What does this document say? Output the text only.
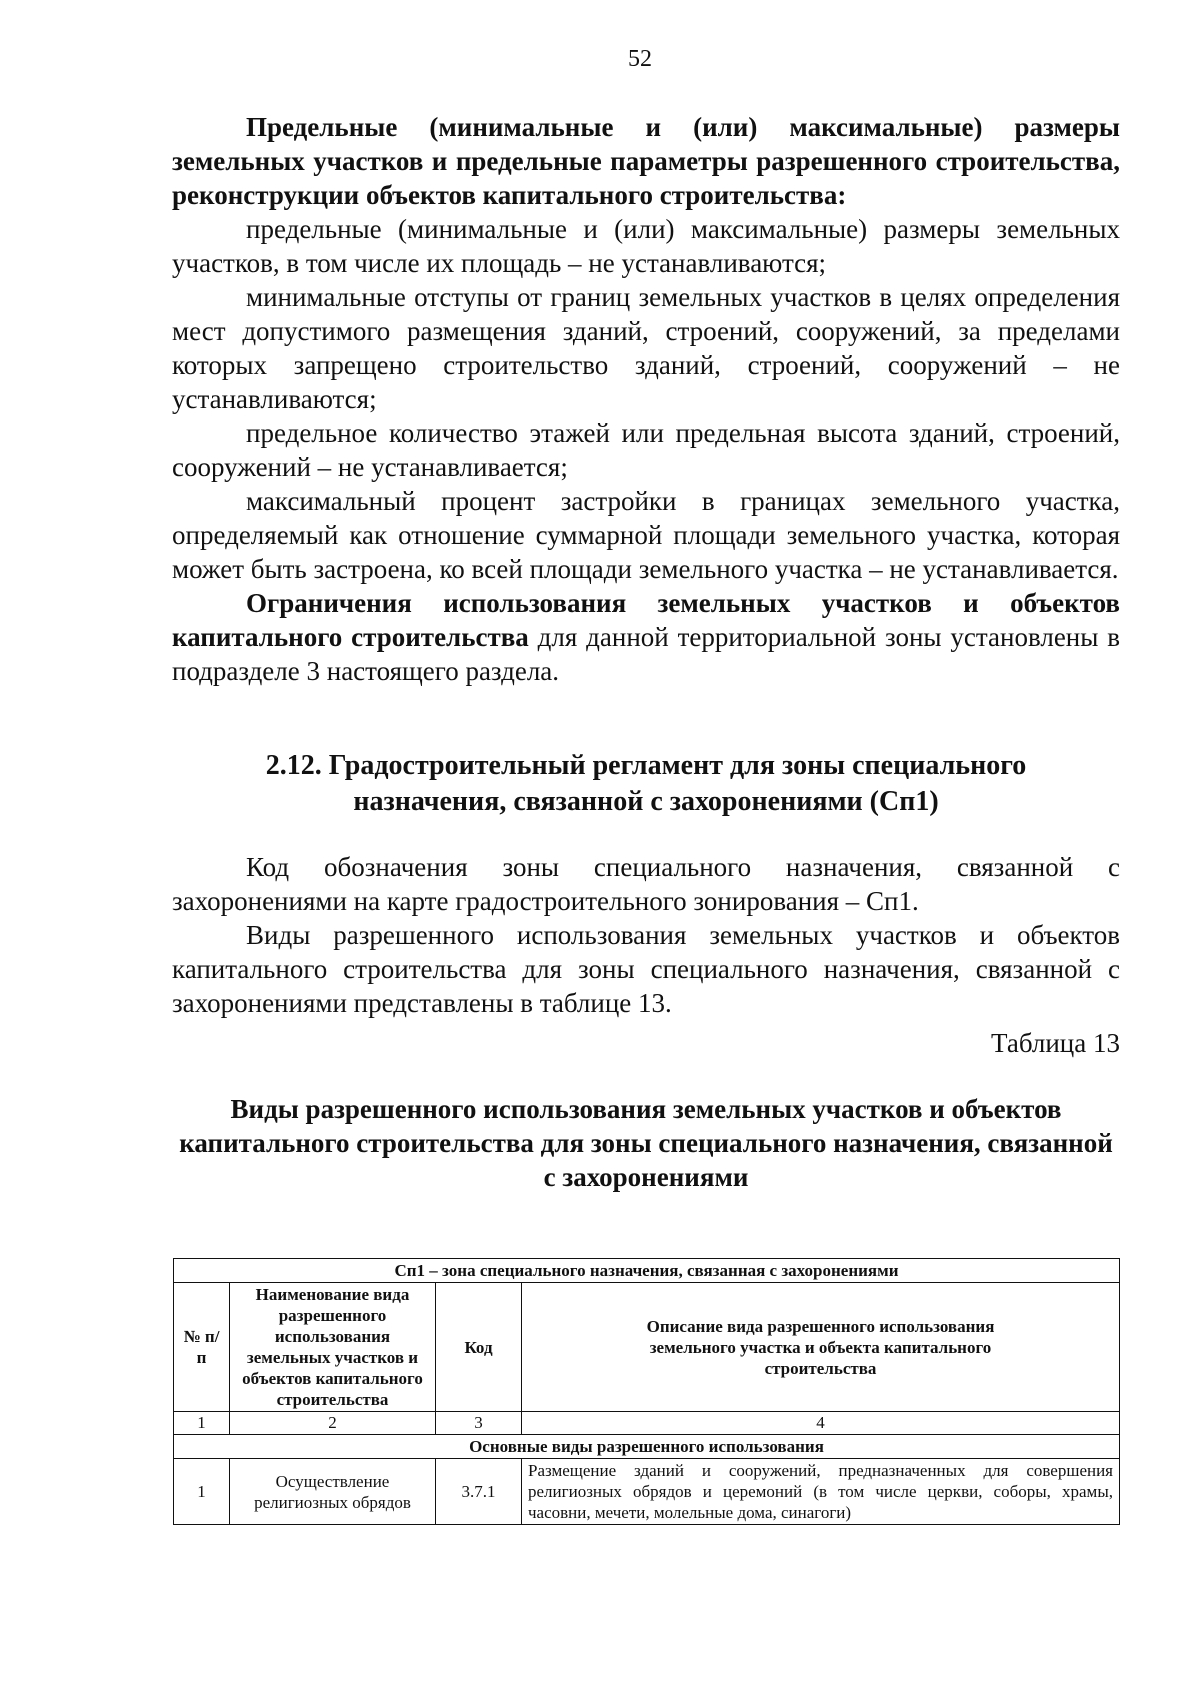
52

Предельные (минимальные и (или) максимальные) размеры земельных участков и предельные параметры разрешенного строительства, реконструкции объектов капитального строительства:

предельные (минимальные и (или) максимальные) размеры земельных участков, в том числе их площадь – не устанавливаются;

минимальные отступы от границ земельных участков в целях определения мест допустимого размещения зданий, строений, сооружений, за пределами которых запрещено строительство зданий, строений, сооружений – не устанавливаются;

предельное количество этажей или предельная высота зданий, строений, сооружений – не устанавливается;

максимальный процент застройки в границах земельного участка, определяемый как отношение суммарной площади земельного участка, которая может быть застроена, ко всей площади земельного участка – не устанавливается.

Ограничения использования земельных участков и объектов капитального строительства для данной территориальной зоны установлены в подразделе 3 настоящего раздела.

2.12. Градостроительный регламент для зоны специального назначения, связанной с захоронениями (Сп1)

Код обозначения зоны специального назначения, связанной с захоронениями на карте градостроительного зонирования – Сп1.

Виды разрешенного использования земельных участков и объектов капитального строительства для зоны специального назначения, связанной с захоронениями представлены в таблице 13.

Таблица 13

Виды разрешенного использования земельных участков и объектов капитального строительства для зоны специального назначения, связанной с захоронениями

Сп1 – зона специального назначения, связанная с захоронениями			
№ п/п	Наименование вида разрешенного использования земельных участков и объектов капитального строительства	Код	Описание вида разрешенного использования земельного участка и объекта капитального строительства
1	2	3	4
Основные виды разрешенного использования			
1	Осуществление религиозных обрядов	3.7.1	Размещение зданий и сооружений, предназначенных для совершения религиозных обрядов и церемоний (в том числе церкви, соборы, храмы, часовни, мечети, молельные дома, синагоги)
